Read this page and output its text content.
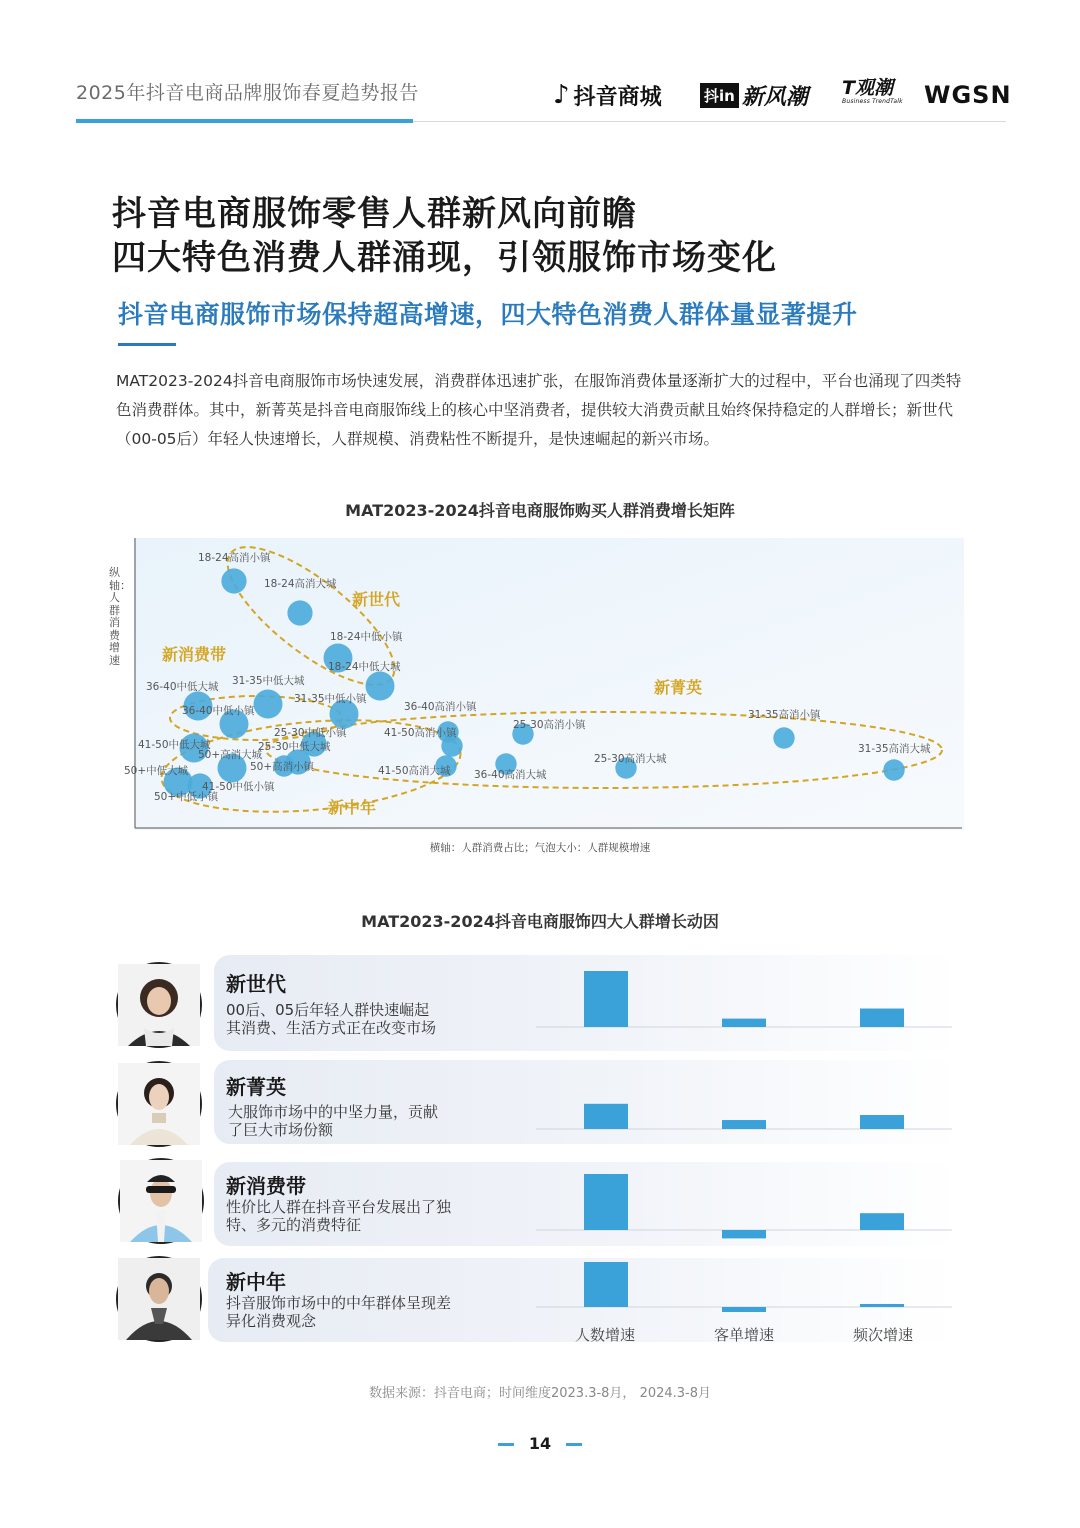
2025年抖音电商品牌服饰春夏趋势报告	♪ 抖音商城	抖in 新风潮 T观潮
Business TrendTalk WGSN
抖音电商服饰零售人群新风向前瞻
四大特色消费人群涌现，引领服饰市场变化
抖音电商服饰市场保持超高增速，四大特色消费人群体量显著提升
MAT2023-2024抖音电商服饰市场快速发展，消费群体迅速扩张，在服饰消费体量逐渐扩大的过程中，平台也涌现了四类特色消费群体。其中，新菁英是抖音电商服饰线上的核心中坚消费者，提供较大消费贡献且始终保持稳定的人群增长；新世代（00-05后）年轻人快速增长，人群规模、消费粘性不断提升，是快速崛起的新兴市场。
MAT2023-2024抖音电商服饰购买人群消费增长矩阵
纵轴：人群消费增速
18-24高消小镇
18-24高消大城
18-24中低小镇
18-24中低大城
31-35中低大城
36-40中低大城
36-40中低小镇
31-35中低小镇
36-40高消小镇
41-50高消小镇
25-30高消小镇
31-35高消小镇
31-35高消大城
25-30高消大城
36-40高消大城
41-50高消大城
25-30中低小镇
25-30中低大城
50+高消小镇
41-50中低大城
50+高消大城
50+中低大城
41-50中低小镇
50+中低小镇
新世代
新消费带
新菁英
新中年
横轴：人群消费占比；气泡大小：人群规模增速
MAT2023-2024抖音电商服饰四大人群增长动因
新世代
00后、05后年轻人群快速崛起
其消费、生活方式正在改变市场
新菁英
大服饰市场中的中坚力量，贡献
了巨大市场份额
新消费带
性价比人群在抖音平台发展出了独
特、多元的消费特征
新中年
抖音服饰市场中的中年群体呈现差
异化消费观念
人数增速	客单增速	频次增速
数据来源：抖音电商；时间维度2023.3-8月， 2024.3-8月
14
